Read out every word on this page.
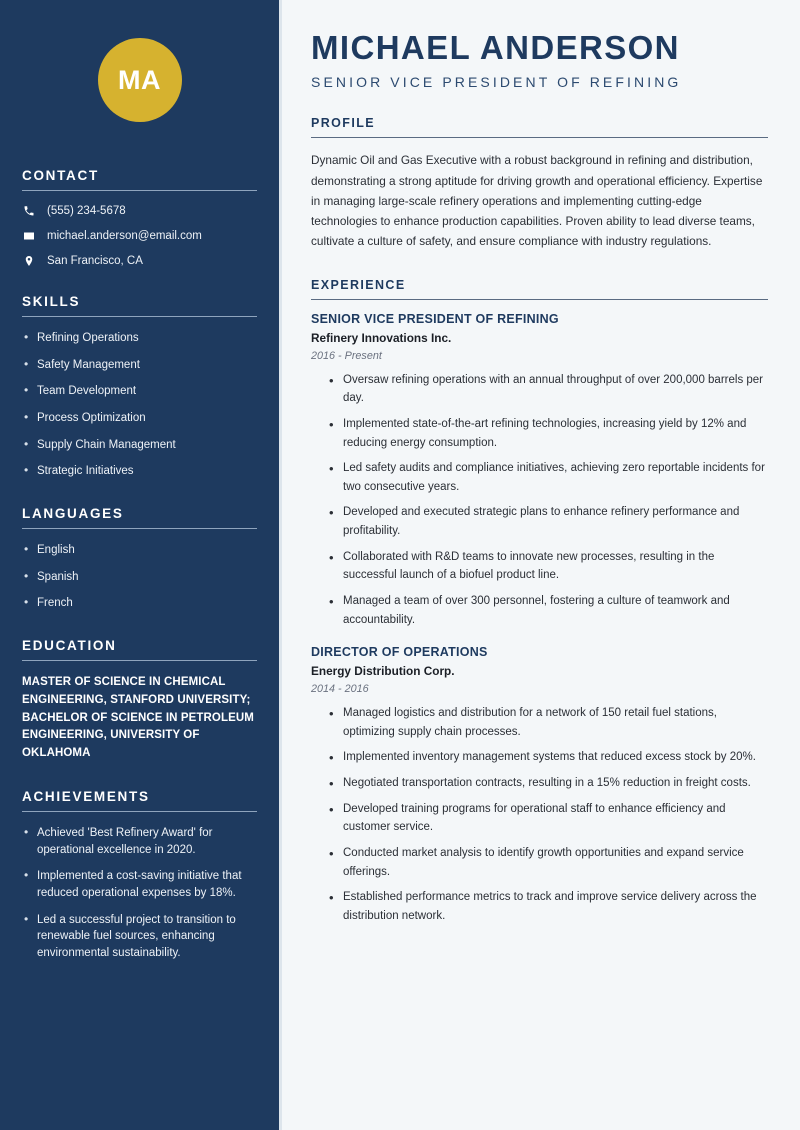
MA
CONTACT
(555) 234-5678
michael.anderson@email.com
San Francisco, CA
SKILLS
• Refining Operations
• Safety Management
• Team Development
• Process Optimization
• Supply Chain Management
• Strategic Initiatives
LANGUAGES
• English
• Spanish
• French
EDUCATION
MASTER OF SCIENCE IN CHEMICAL ENGINEERING, STANFORD UNIVERSITY; BACHELOR OF SCIENCE IN PETROLEUM ENGINEERING, UNIVERSITY OF OKLAHOMA
ACHIEVEMENTS
• Achieved 'Best Refinery Award' for operational excellence in 2020.
• Implemented a cost-saving initiative that reduced operational expenses by 18%.
• Led a successful project to transition to renewable fuel sources, enhancing environmental sustainability.
MICHAEL ANDERSON
SENIOR VICE PRESIDENT OF REFINING
PROFILE

Dynamic Oil and Gas Executive with a robust background in refining and distribution, demonstrating a strong aptitude for driving growth and operational efficiency. Expertise in managing large-scale refinery operations and implementing cutting-edge technologies to enhance production capabilities. Proven ability to lead diverse teams, cultivate a culture of safety, and ensure compliance with industry regulations.

EXPERIENCE
SENIOR VICE PRESIDENT OF REFINING
Refinery Innovations Inc.
2016 - Present
• Oversaw refining operations with an annual throughput of over 200,000 barrels per day.
• Implemented state-of-the-art refining technologies, increasing yield by 12% and reducing energy consumption.
• Led safety audits and compliance initiatives, achieving zero reportable incidents for two consecutive years.
• Developed and executed strategic plans to enhance refinery performance and profitability.
• Collaborated with R&D teams to innovate new processes, resulting in the successful launch of a biofuel product line.
• Managed a team of over 300 personnel, fostering a culture of teamwork and accountability.
DIRECTOR OF OPERATIONS
Energy Distribution Corp.
2014 - 2016
• Managed logistics and distribution for a network of 150 retail fuel stations, optimizing supply chain processes.
• Implemented inventory management systems that reduced excess stock by 20%.
• Negotiated transportation contracts, resulting in a 15% reduction in freight costs.
• Developed training programs for operational staff to enhance efficiency and customer service.
• Conducted market analysis to identify growth opportunities and expand service offerings.
• Established performance metrics to track and improve service delivery across the distribution network.
